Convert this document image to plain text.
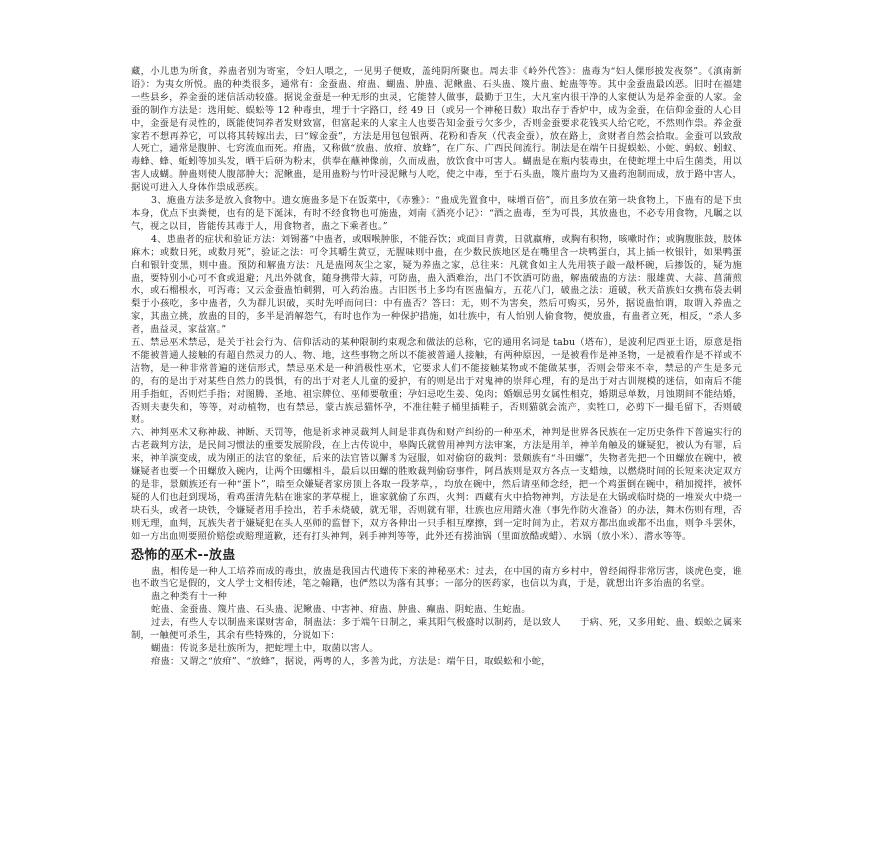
藏，小儿患为所食，养蛊者别为寄室，令妇人喂之，一见男子便败，盖纯阴所聚也。周去非《岭外代答》：蛊毒为“妇人倮形披发夜祭”。《滇南新语》：为夷女所悦。蛊的种类很多，通常有：金蚕蛊、疳蛊、蝴蛊、肿蛊、泥鳅蛊、石头蛊、篾片蛊、蛇蛊等等。其中金蚕蛊最凶恶。旧时在福建一些县乡，养金蚕的迷信活动较盛。据说金蚕是一种无形的虫灵，它能替人做事，最勤于卫生，大凡室内很干净的人家便认为是养金蚕的人家。金蚕的制作方法是：选用蛇、蜈蚣等 12 种毒虫，埋于十字路口，经 49 日（或另一个神秘日数）取出存于香炉中，成为金蚕，在信仰金蚕的人心目中，金蚕是有灵性的，既能使饲养者发财致富，但富起来的人家主人也要告知金蚕亏欠多少，否则金蚕要求花钱买人给它吃，不然则作祟。养金蚕家若不想再养它，可以将其转嫁出去，曰“嫁金蚕”，方法是用包包银两、花粉和香灰（代表金蚕），放在路上，贪财者自然会拾取。金蚕可以致敌人死亡，通常是腹肿、七窍流血而死。疳蛊，又称做“放蛊、放疳、放蜂”，在广东、广西民间流行。制法是在端午日捉蜈蚣、小蛇、蚂蚁、蚓蚁、毒蜂、蜂、蚯蚓等加头发，晒干后研为粉末，供奉在蘸神像前，久而成蛊，放饮食中可害人。蝴蛊是在瓶内装毒虫，在使蛇埋土中后生菌类，用以害人成蝴。肿蛊则使人腹部肿大；泥鳅蛊，是用蛊粉与竹叶浸泥鳅与人吃，使之中毒，至于石头蛊，篾片蛊均为又蛊药泡制而成，放于路中害人，据说可进入人身体作祟成恶疾。

3、施蛊方法多是放入食物中。遗女施蛊多是下在饭菜中，《赤雅》：“蛊成先置食中，味增百倍”，而且多放在第一块食物上，下蛊有的是下虫本身，优点下虫粪便，也有的是下涎沫，有时不经食物也可施蛊，刘南《酒亮小记》：“酒之蛊毒，至为可畏，其放蛊也，不必专用食物，凡瞩之以气，视之以目，皆能传其毒于人，用食物者，蛊之下乘者也。”

4、患蛊者的症状和验证方法：刘锡蕃“中蛊者，或咽喉肿胀，不能吞饮；或面目青黄，日就羸瘠，或胸有积物，咳嗽时作；或胸腹胀鼓，肢体麻木；或数日死，或数月死”，验证之法：可令其嚼生黄豆，无腥味则中蛊，在少数民族地区是在嘴里含一块鸭蛋白，其上插一枚银针，如果鸭蛋白和银针变黑，则中蛊。预防和解蛊方法：凡是蛊网灰尘之家，疑为养蛊之家，总往来：凡就食如主人先用筷子敲一敲杯碗，后掺饭的，疑为施蛊，要特别小心可不食或退避；凡出外就食，随身携带大蒜，可防蛊，蛊入酒难治，出门不饮酒可防蛊，解蛊破蛊的方法：服雄黄、大蒜、菖蒲煎水，或石榴根水，可泻毒；又云金蚕蛊怕刺猬，可入药治蛊。古旧医书上多均有医蛊偏方，五花八门，破蛊之法：道破，秋天苗族妇女携布袋去刺梨于小孩吃，多中蛊者，久为群儿识破，买时先呼而问曰：中有蛊否？答曰：无，则不为害矣，然后可购买，另外，据说蛊怕谓，取谓入养蛊之家，其蛊立挑，放蛊的目的，多半是消解怨气，有时也作为一种保护措施，如壮族中，有人怕别人偷食物，便放蛊，有蛊者立死，相反，“杀人多者，蛊益灵，家益富。”

五、禁忌巫术禁忌，是关于社会行为、信仰活动的某种限制约束观念和做法的总称，它的通用名词是 tabu（塔布），是波利尼西亚土语，原意是指不能被普通人接触的有超自然灵力的人、物、地，这些事物之所以不能被普通人接触，有两种原因，一是被看作是神圣物，一是被看作是不祥或不洁物，是一种非常普遍的迷信形式，禁忌巫术是一种消极性巫术，它要求人们不能接触某物或不能做某事，否则会带来不幸，禁忌的产生是多元的，有的是出于对某些自然力的畏惧，有的出于对老人儿童的爱护，有的则是出于对鬼神的崇拜心理，有的是出于对古训规模的迷信，如南后不能用手指虹，否则烂手指；对图腾、圣地、祖宗牌位、巫师要敬重；孕妇忌吃生姜、兔肉；婚姻忌男女属性相克，婚期忌单数，月蚀期间不能结婚，否则夫妻失和，等等，对动植物，也有禁忌，蒙古族忌猫怀孕，不准往鞋子桶里插鞋子，否则猫就会流产，卖牲口，必剪下一撮毛留下，否则破财。

六、神判巫术又称神裁、神断、天罚等，他是祈求神灵裁判人间是非真伪和财产纠纷的一种巫术，神判是世界各民族在一定历史条件下普遍实行的古老裁判方法，是民间习惯法的重要发展阶段，在上古传说中，皋陶氏就曾用神判方法审案，方法是用羊，神羊角触及的嫌疑犯，被认为有罪，后来，神羊演变成，成为刚正的法官的象征，后来的法官皆以獬豸为冠服，如对偷窃的裁判：景颇族有“斗田螺”，失物者先把一个田螺放在碗中，被嫌疑者也要一个田螺放入碗内，让两个田螺相斗，最后以田螺的胜败裁判偷窃事件，阿昌族则是双方各点一支蜡烛，以燃烧时间的长短来决定双方的是非，景颇族还有一种“蛋卜”，暗至众嫌疑者家房顶上各取一段茅草，，均放在碗中，然后请巫师念经，把一个鸡蛋倒在碗中，稍加搅拌，被怀疑的人们也赶到现场，看鸡蛋清先粘在谁家的茅草棍上，谁家就偷了东西，火判：西藏有火中拾物神判，方法是在大锅或临时烧的一堆炭火中烧一块石头，或者一块铁，令嫌疑者用手捡出，若手未烧破，就无罪，否则就有罪，壮族也应用踏火准（事先作防火准备）的办法，舞木伤则有理，否则无理，血判，瓦族失者于嫌疑犯在头人巫师的监督下，双方各伸出一只手相互摩擦，到一定时间为止，若双方都出血或都不出血，则争斗罢休，如一方出血则要照价赔偿或赔理道歉，还有打头神判，剁手神判等等，此外还有捞油锅（里面放酷或蜡）、水锅（放小米）、潜水等等。

恐怖的巫术--放蛊

蛊，相传是一种人工培养而成的毒虫，放蛊是我国古代遗传下来的神秘巫术：过去，在中国的南方乡村中，曾经闹得非常厉害，谈虎色变，谁也不敢当它是假的，文人学士文相传述，笔之翰籍，也俨然以为落有其事；一部分的医药家，也信以为真，于是，就想出许多治蛊的名堂。

蛊之种类有十一种

蛇蛊、金蚕蛊、篾片蛊、石头蛊、泥鳅蛊、中害神、疳蛊、肿蛊、癫蛊、阴蛇蛊、生蛇蛊。

过去，有些人专以制蛊来谋财害命，制蛊法：多于端午日制之，乘其阳气极盛时以制药，是以致人　　于病、死，又多用蛇、蛊、蜈蚣之属来制，一触便可杀生，其余有些特殊的，分说如下：

蝴蛊：传说多是壮族所为，把蛇埋土中，取菌以害人。

疳蛊：又谓之“放疳”、“放蜂”，据说，两粤的人，多善为此，方法是：端午日，取蜈蚣和小蛇，
